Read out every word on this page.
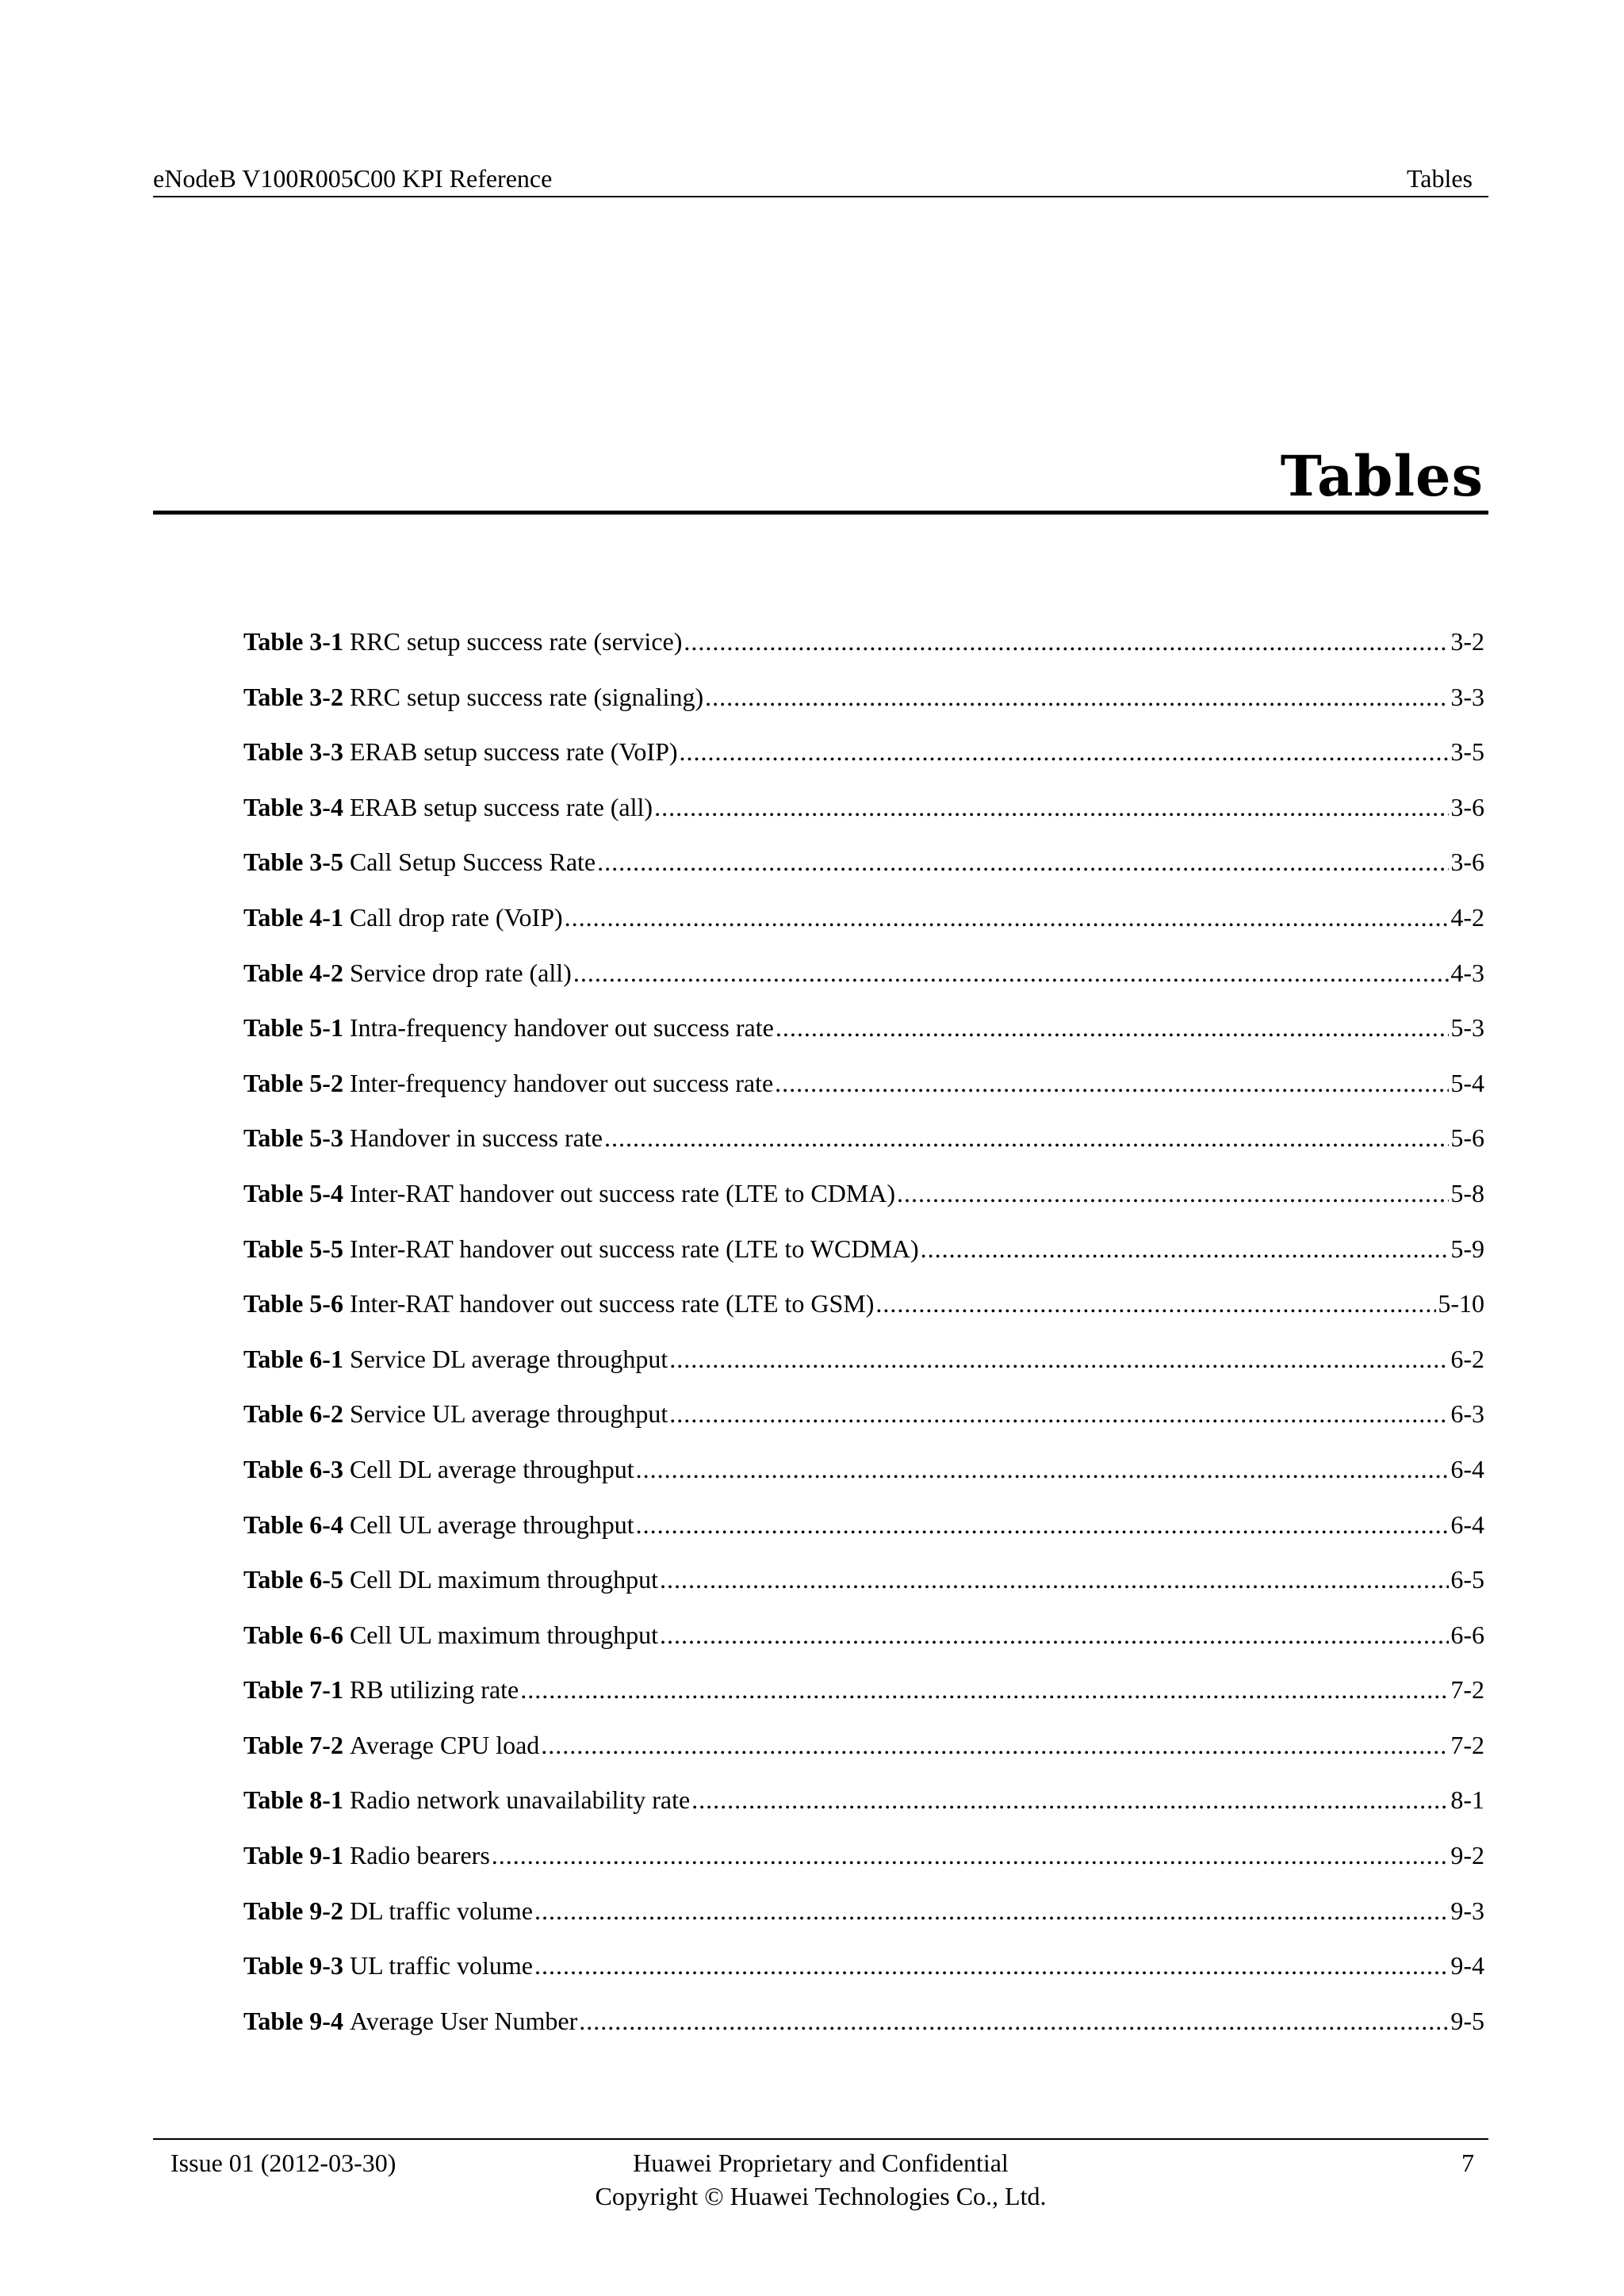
eNodeB V100R005C00 KPI Reference	Tables
Tables
Table 3-1 RRC setup success rate (service) .....	3-2
Table 3-2 RRC setup success rate (signaling) .....	3-3
Table 3-3 ERAB setup success rate (VoIP) .....	3-5
Table 3-4 ERAB setup success rate (all) .....	3-6
Table 3-5 Call Setup Success Rate .....	3-6
Table 4-1 Call drop rate (VoIP) .....	4-2
Table 4-2 Service drop rate (all) .....	4-3
Table 5-1 Intra-frequency handover out success rate .....	5-3
Table 5-2 Inter-frequency handover out success rate .....	5-4
Table 5-3 Handover in success rate .....	5-6
Table 5-4 Inter-RAT handover out success rate (LTE to CDMA) .....	5-8
Table 5-5 Inter-RAT handover out success rate (LTE to WCDMA) .....	5-9
Table 5-6 Inter-RAT handover out success rate (LTE to GSM) .....	5-10
Table 6-1 Service DL average throughput .....	6-2
Table 6-2 Service UL average throughput .....	6-3
Table 6-3 Cell DL average throughput .....	6-4
Table 6-4 Cell UL average throughput .....	6-4
Table 6-5 Cell DL maximum throughput .....	6-5
Table 6-6 Cell UL maximum throughput .....	6-6
Table 7-1 RB utilizing rate .....	7-2
Table 7-2 Average CPU load .....	7-2
Table 8-1 Radio network unavailability rate .....	8-1
Table 9-1 Radio bearers .....	9-2
Table 9-2 DL traffic volume .....	9-3
Table 9-3 UL traffic volume .....	9-4
Table 9-4 Average User Number .....	9-5
Issue 01 (2012-03-30)	Huawei Proprietary and Confidential
Copyright © Huawei Technologies Co., Ltd.
7
